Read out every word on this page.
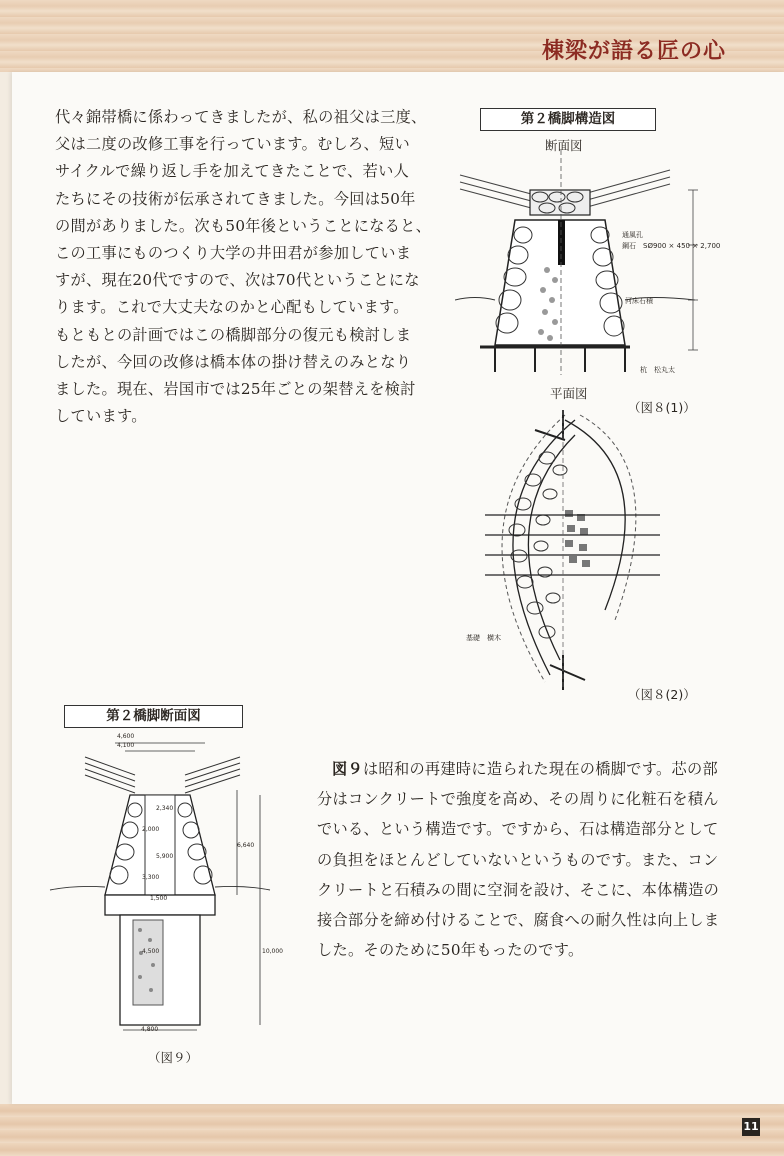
棟梁が語る匠の心

代々錦帯橋に係わってきましたが、私の祖父は三度、
父は二度の改修工事を行っています。むしろ、短い
サイクルで繰り返し手を加えてきたことで、若い人
たちにその技術が伝承されてきました。今回は50年
の間がありました。次も50年後ということになると、
この工事にものつくり大学の井田君が参加していま
すが、現在20代ですので、次は70代ということにな
ります。これで大丈夫なのかと心配もしています。
もともとの計画ではこの橋脚部分の復元も検討しま
したが、今回の改修は橋本体の掛け替えのみとなり
ました。現在、岩国市では25年ごとの架替えを検討
しています。

第２橋脚構造図
断面図
通風孔
鋼石　SØ900 × 450 × 2,700
河床石積
杭　松丸太
平面図
（図８(1)）
基礎　横木
（図８(2)）
第２橋脚断面図
4,600
4,100
2,340
2,000
5,900
3,300
1,500
4,500
6,640
10,000
4,800
（図９）

図９は昭和の再建時に造られた現在の橋脚です。芯の部分はコンクリートで強度を高め、その周りに化粧石を積んでいる、という構造です。ですから、石は構造部分としての負担をほとんどしていないというものです。また、コンクリートと石積みの間に空洞を設け、そこに、本体構造の接合部分を締め付けることで、腐食への耐久性は向上しました。そのために50年もったのです。

11
